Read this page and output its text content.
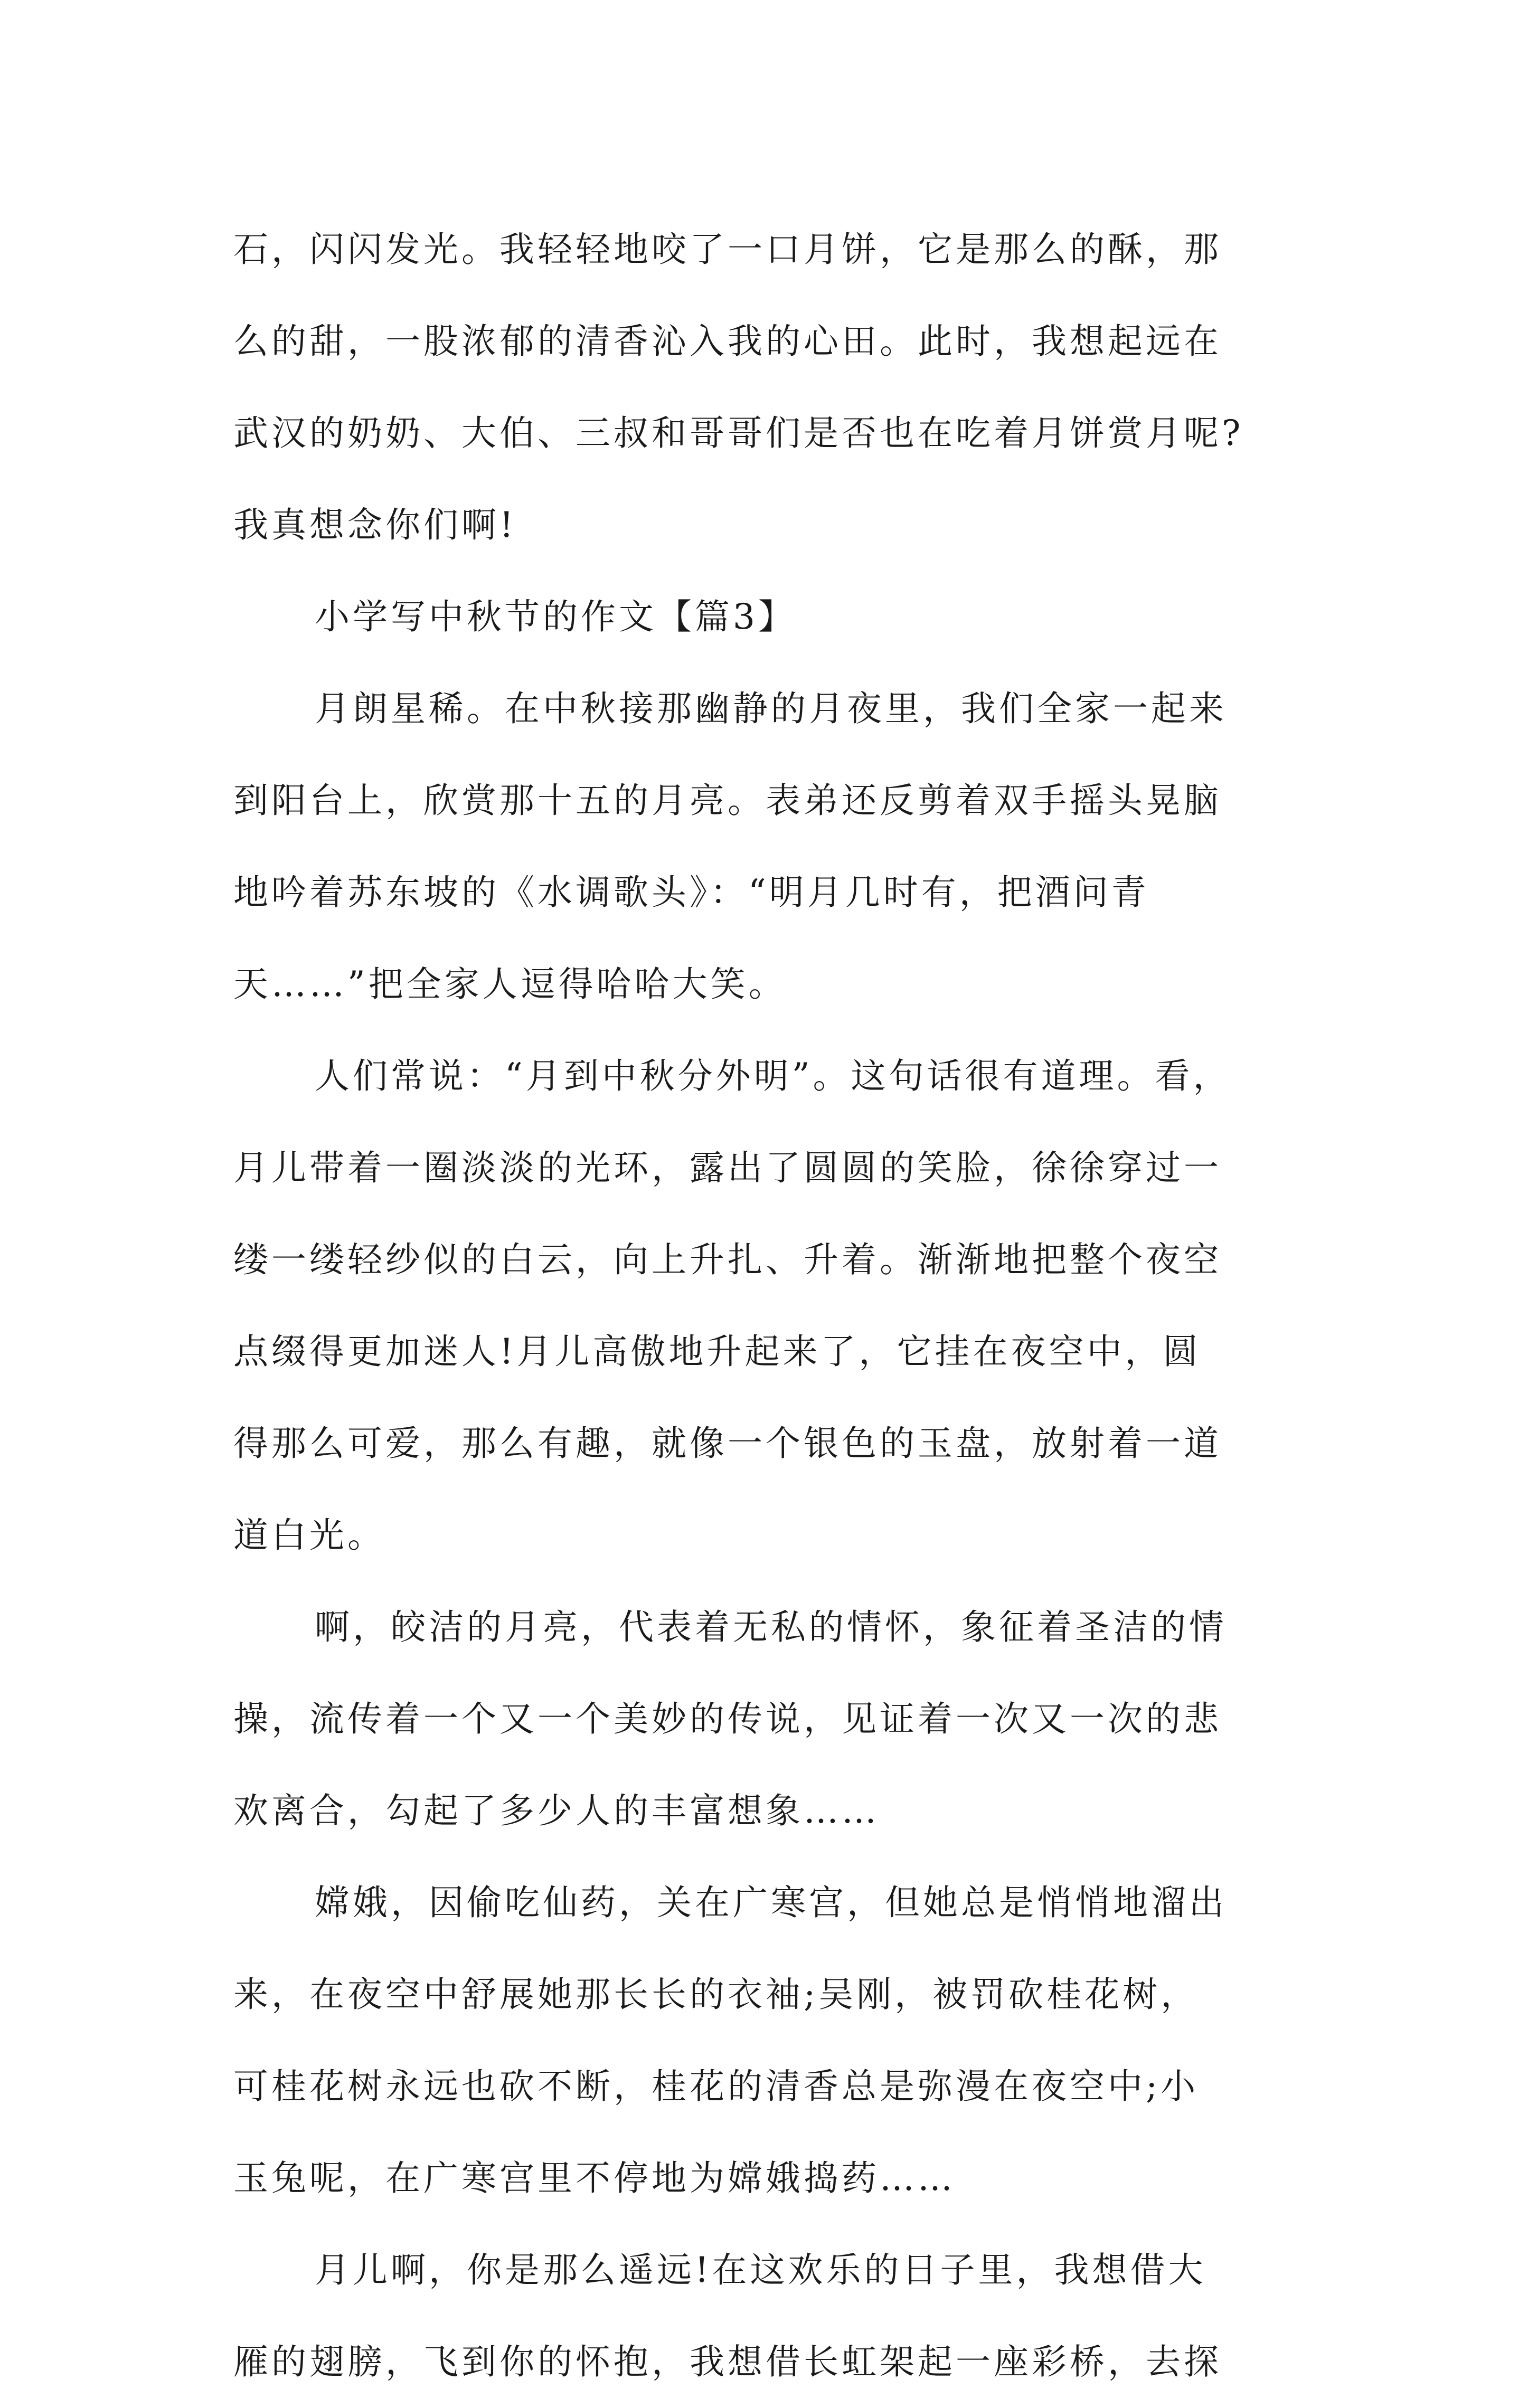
石，闪闪发光。我轻轻地咬了一口月饼，它是那么的酥，那
么的甜，一股浓郁的清香沁入我的心田。此时，我想起远在
武汉的奶奶、大伯、三叔和哥哥们是否也在吃着月饼赏月呢?
我真想念你们啊!
小学写中秋节的作文【篇3】
月朗星稀。在中秋接那幽静的月夜里，我们全家一起来
到阳台上，欣赏那十五的月亮。表弟还反剪着双手摇头晃脑
地吟着苏东坡的《水调歌头》：“明月几时有，把酒问青
天……”把全家人逗得哈哈大笑。
人们常说：“月到中秋分外明”。这句话很有道理。看，
月儿带着一圈淡淡的光环，露出了圆圆的笑脸，徐徐穿过一
缕一缕轻纱似的白云，向上升扎、升着。渐渐地把整个夜空
点缀得更加迷人!月儿高傲地升起来了，它挂在夜空中，圆
得那么可爱，那么有趣，就像一个银色的玉盘，放射着一道
道白光。
啊，皎洁的月亮，代表着无私的情怀，象征着圣洁的情
操，流传着一个又一个美妙的传说，见证着一次又一次的悲
欢离合，勾起了多少人的丰富想象……
嫦娥，因偷吃仙药，关在广寒宫，但她总是悄悄地溜出
来，在夜空中舒展她那长长的衣袖;吴刚，被罚砍桂花树，
可桂花树永远也砍不断，桂花的清香总是弥漫在夜空中;小
玉兔呢，在广寒宫里不停地为嫦娥捣药……
月儿啊，你是那么遥远!在这欢乐的日子里，我想借大
雁的翅膀，飞到你的怀抱，我想借长虹架起一座彩桥，去探
